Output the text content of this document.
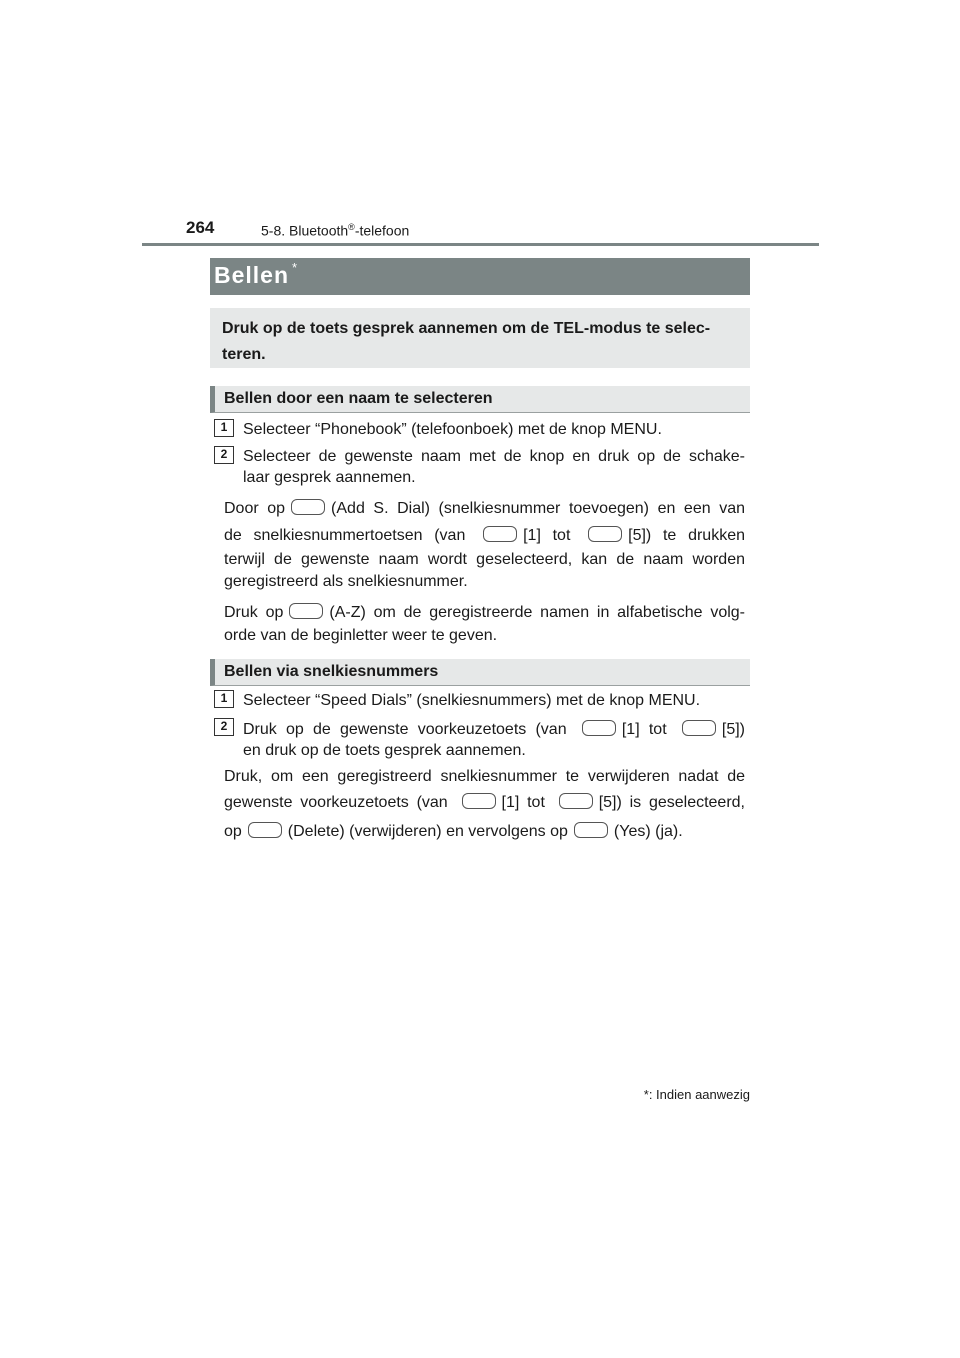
264	5-8. Bluetooth®-telefoon
Bellen *
Druk op de toets gesprek aannemen om de TEL-modus te selec-
teren.
Bellen door een naam te selecteren
1 Selecteer “Phonebook” (telefoonboek) met de knop MENU.
2 Selecteer de gewenste naam met de knop en druk op de schake-
laar gesprek aannemen.
Door op	(Add S. Dial) (snelkiesnummer toevoegen) en een van
de snelkiesnummertoetsen (van	[1] tot	[5]) te drukken
terwijl de gewenste naam wordt geselecteerd, kan de naam worden
geregistreerd als snelkiesnummer.
Druk op	(A-Z) om de geregistreerde namen in alfabetische volg-
orde van de beginletter weer te geven.
Bellen via snelkiesnummers
1 Selecteer “Speed Dials” (snelkiesnummers) met de knop MENU.
2 Druk op de gewenste voorkeuzetoets (van	[1] tot	[5])
en druk op de toets gesprek aannemen.
Druk, om een geregistreerd snelkiesnummer te verwijderen nadat de
gewenste voorkeuzetoets (van	[1] tot	[5]) is geselecteerd,
op	(Delete) (verwijderen) en vervolgens op	(Yes) (ja).
*: Indien aanwezig
